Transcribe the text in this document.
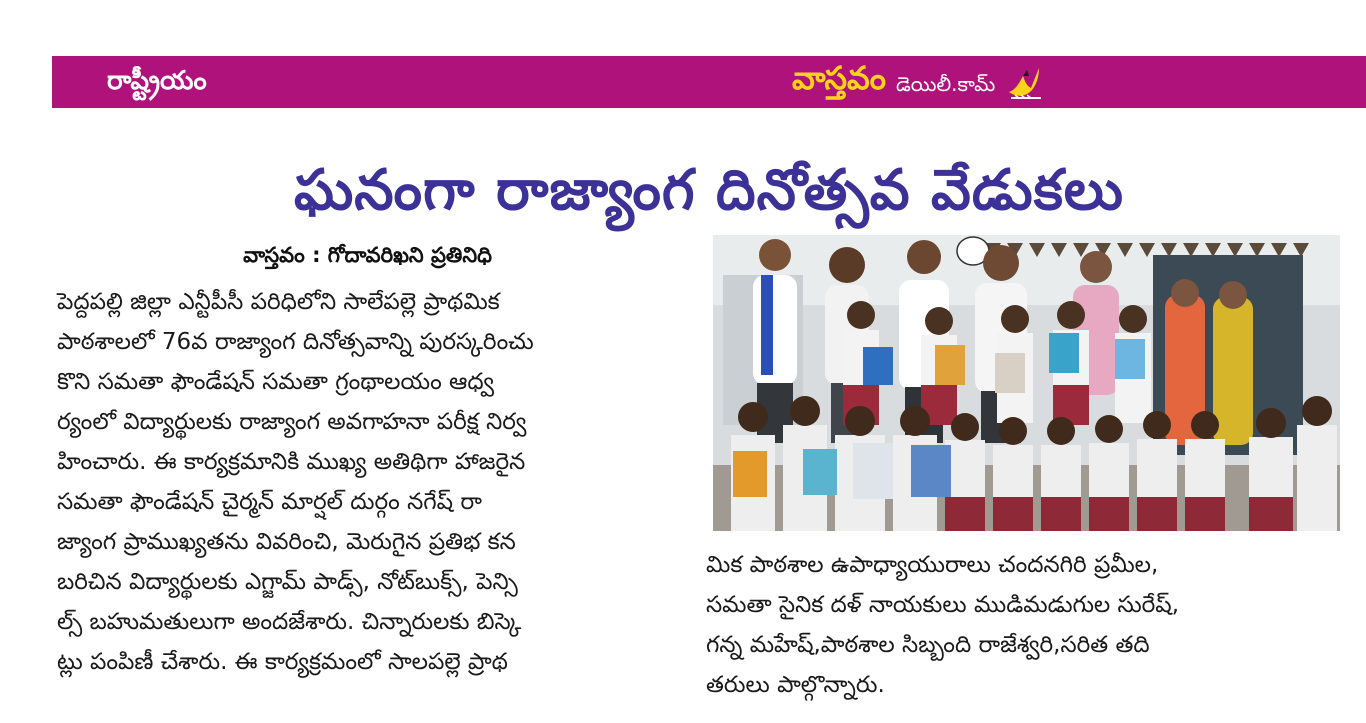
రాష్ట్రీయం	వాస్తవం డెయిలీ.కామ్
ఘనంగా రాజ్యాంగ దినోత్సవ వేడుకలు
వాస్తవం : గోదావరిఖని ప్రతినిధి
పెద్దపల్లి జిల్లా ఎన్టీపీసీ పరిధిలోని సాలేపల్లె ప్రాథమిక
పాఠశాలలో 76వ రాజ్యాంగ దినోత్సవాన్ని పురస్కరించు
కొని సమతా ఫౌండేషన్ సమతా గ్రంథాలయం ఆధ్వ
ర్యంలో విద్యార్థులకు రాజ్యాంగ అవగాహనా పరీక్ష నిర్వ
హించారు. ఈ కార్యక్రమానికి ముఖ్య అతిథిగా హాజరైన
సమతా ఫౌండేషన్ చైర్మన్ మార్షల్ దుర్గం నగేష్ రా
జ్యాంగ ప్రాముఖ్యతను వివరించి, మెరుగైన ప్రతిభ కన
బరిచిన విద్యార్థులకు ఎగ్జామ్ పాడ్స్, నోట్‌బుక్స్, పెన్సి
ల్స్ బహుమతులుగా అందజేశారు. చిన్నారులకు బిస్కె
ట్లు పంపిణీ చేశారు. ఈ కార్యక్రమంలో సాలపల్లె ప్రాథ
మిక పాఠశాల ఉపాధ్యాయురాలు చందనగిరి ప్రమీల,
సమతా సైనిక దళ్ నాయకులు ముడిమడుగుల సురేష్,
గన్న మహేష్,పాఠశాల సిబ్బంది రాజేశ్వరి,సరిత తది
తరులు పాల్గొన్నారు.
